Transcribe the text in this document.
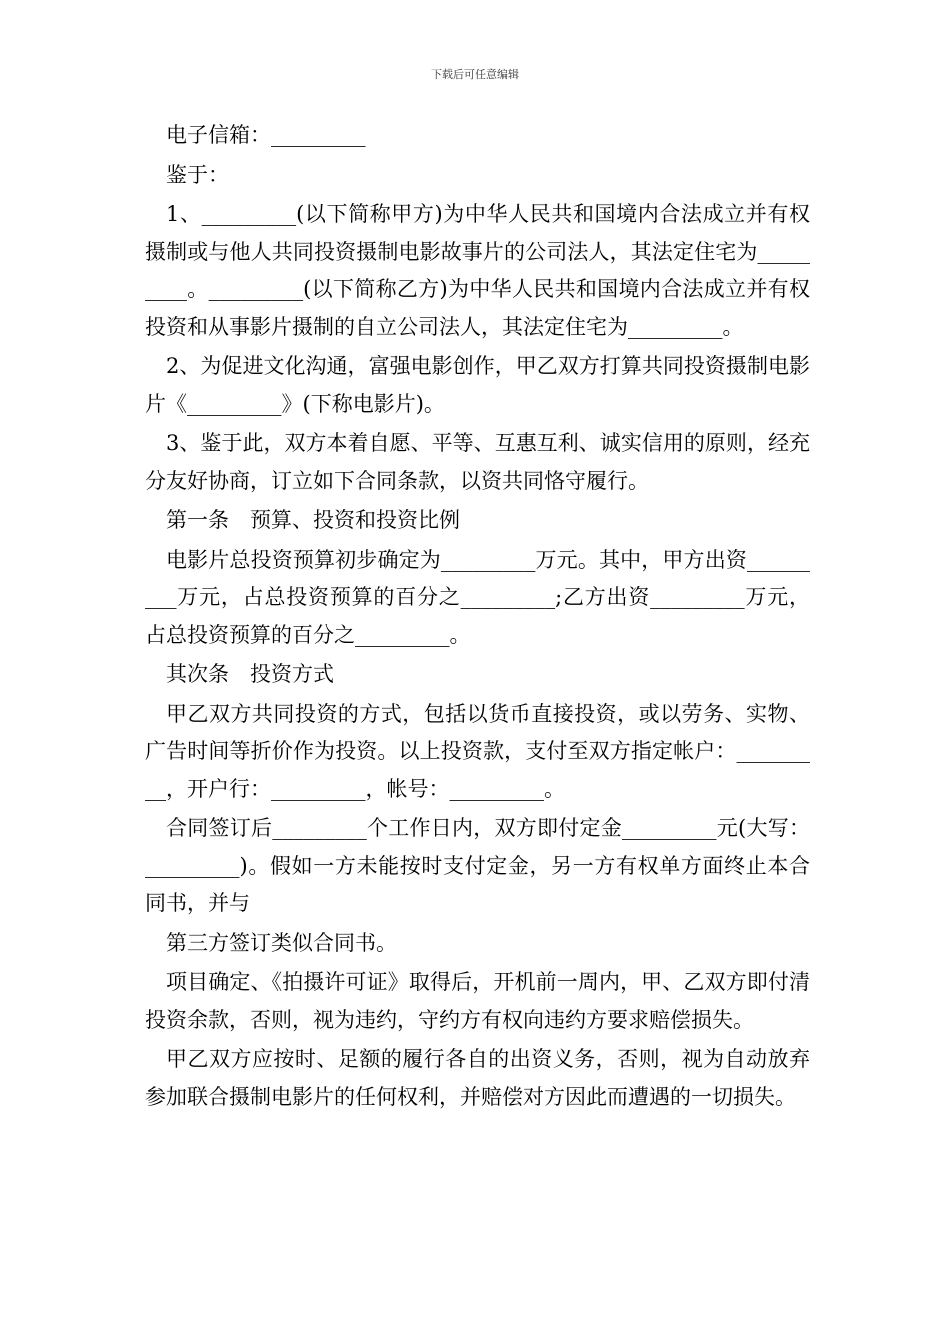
下载后可任意编辑

电子信箱：_________

鉴于：

1、_________(以下简称甲方)为中华人民共和国境内合法成立并有权摄制或与他人共同投资摄制电影故事片的公司法人，其法定住宅为_________。_________(以下简称乙方)为中华人民共和国境内合法成立并有权投资和从事影片摄制的自立公司法人，其法定住宅为_________。

2、为促进文化沟通，富强电影创作，甲乙双方打算共同投资摄制电影片《_________》(下称电影片)。

3、鉴于此，双方本着自愿、平等、互惠互利、诚实信用的原则，经充分友好协商，订立如下合同条款，以资共同恪守履行。

第一条　预算、投资和投资比例

电影片总投资预算初步确定为_________万元。其中，甲方出资_________万元，占总投资预算的百分之_________;乙方出资_________万元，占总投资预算的百分之_________。

其次条　投资方式

甲乙双方共同投资的方式，包括以货币直接投资，或以劳务、实物、广告时间等折价作为投资。以上投资款，支付至双方指定帐户：_________，开户行：_________，帐号：_________。

合同签订后_________个工作日内，双方即付定金_________元(大写：_________)。假如一方未能按时支付定金，另一方有权单方面终止本合同书，并与

第三方签订类似合同书。

项目确定、《拍摄许可证》取得后，开机前一周内，甲、乙双方即付清投资余款，否则，视为违约，守约方有权向违约方要求赔偿损失。

甲乙双方应按时、足额的履行各自的出资义务，否则，视为自动放弃参加联合摄制电影片的任何权利，并赔偿对方因此而遭遇的一切损失。
